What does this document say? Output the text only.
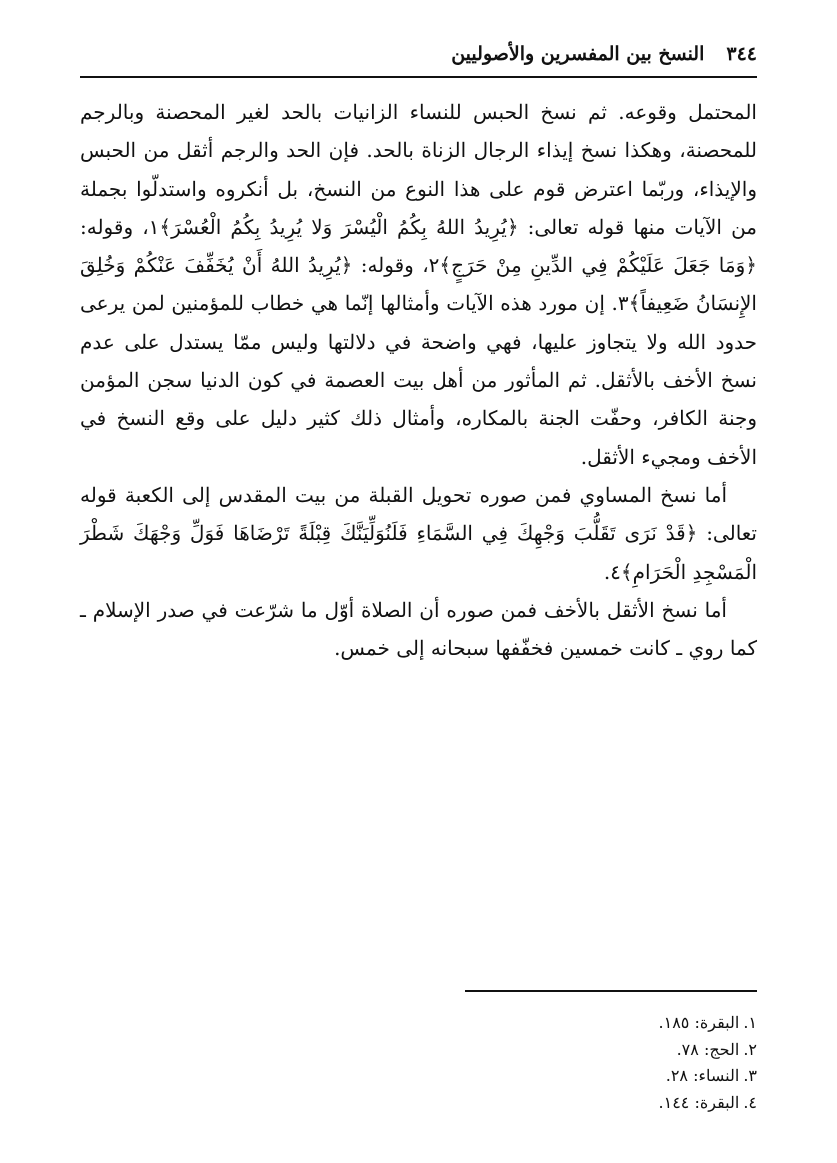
٣٤٤
النسخ بين المفسرين والأصوليين

المحتمل وقوعه. ثم نسخ الحبس للنساء الزانيات بالحد لغير المحصنة وبالرجم للمحصنة، وهكذا نسخ إيذاء الرجال الزناة بالحد. فإن الحد والرجم أثقل من الحبس والإيذاء، وربّما اعترض قوم على هذا النوع من النسخ، بل أنكروه واستدلّوا بجملة من الآيات منها قوله تعالى: ﴿يُرِيدُ اللهُ بِكُمُ الْيُسْرَ وَلا يُرِيدُ بِكُمُ الْعُسْرَ﴾١، وقوله: ﴿وَمَا جَعَلَ عَلَيْكُمْ فِي الدِّينِ مِنْ حَرَجٍ﴾٢، وقوله: ﴿يُرِيدُ اللهُ أَنْ يُخَفِّفَ عَنْكُمْ وَخُلِقَ الإِنسَانُ ضَعِيفاً﴾٣. إن مورد هذه الآيات وأمثالها إنّما هي خطاب للمؤمنين لمن يرعى حدود الله ولا يتجاوز عليها، فهي واضحة في دلالتها وليس ممّا يستدل على عدم نسخ الأخف بالأثقل. ثم المأثور من أهل بيت العصمة في كون الدنيا سجن المؤمن وجنة الكافر، وحفّت الجنة بالمكاره، وأمثال ذلك كثير دليل على وقع النسخ في الأخف ومجيء الأثقل.

أما نسخ المساوي فمن صوره تحويل القبلة من بيت المقدس إلى الكعبة قوله تعالى: ﴿قَدْ نَرَى تَقَلُّبَ وَجْهِكَ فِي السَّمَاءِ فَلَنُوَلِّيَنَّكَ قِبْلَةً تَرْضَاهَا فَوَلِّ وَجْهَكَ شَطْرَ الْمَسْجِدِ الْحَرَامِ﴾٤.

أما نسخ الأثقل بالأخف فمن صوره أن الصلاة أوّل ما شرّعت في صدر الإسلام ـ كما روي ـ كانت خمسين فخفّفها سبحانه إلى خمس.

١.
البقرة: ١٨٥.
٢.
الحج: ٧٨.
٣.
النساء: ٢٨.
٤.
البقرة: ١٤٤.
